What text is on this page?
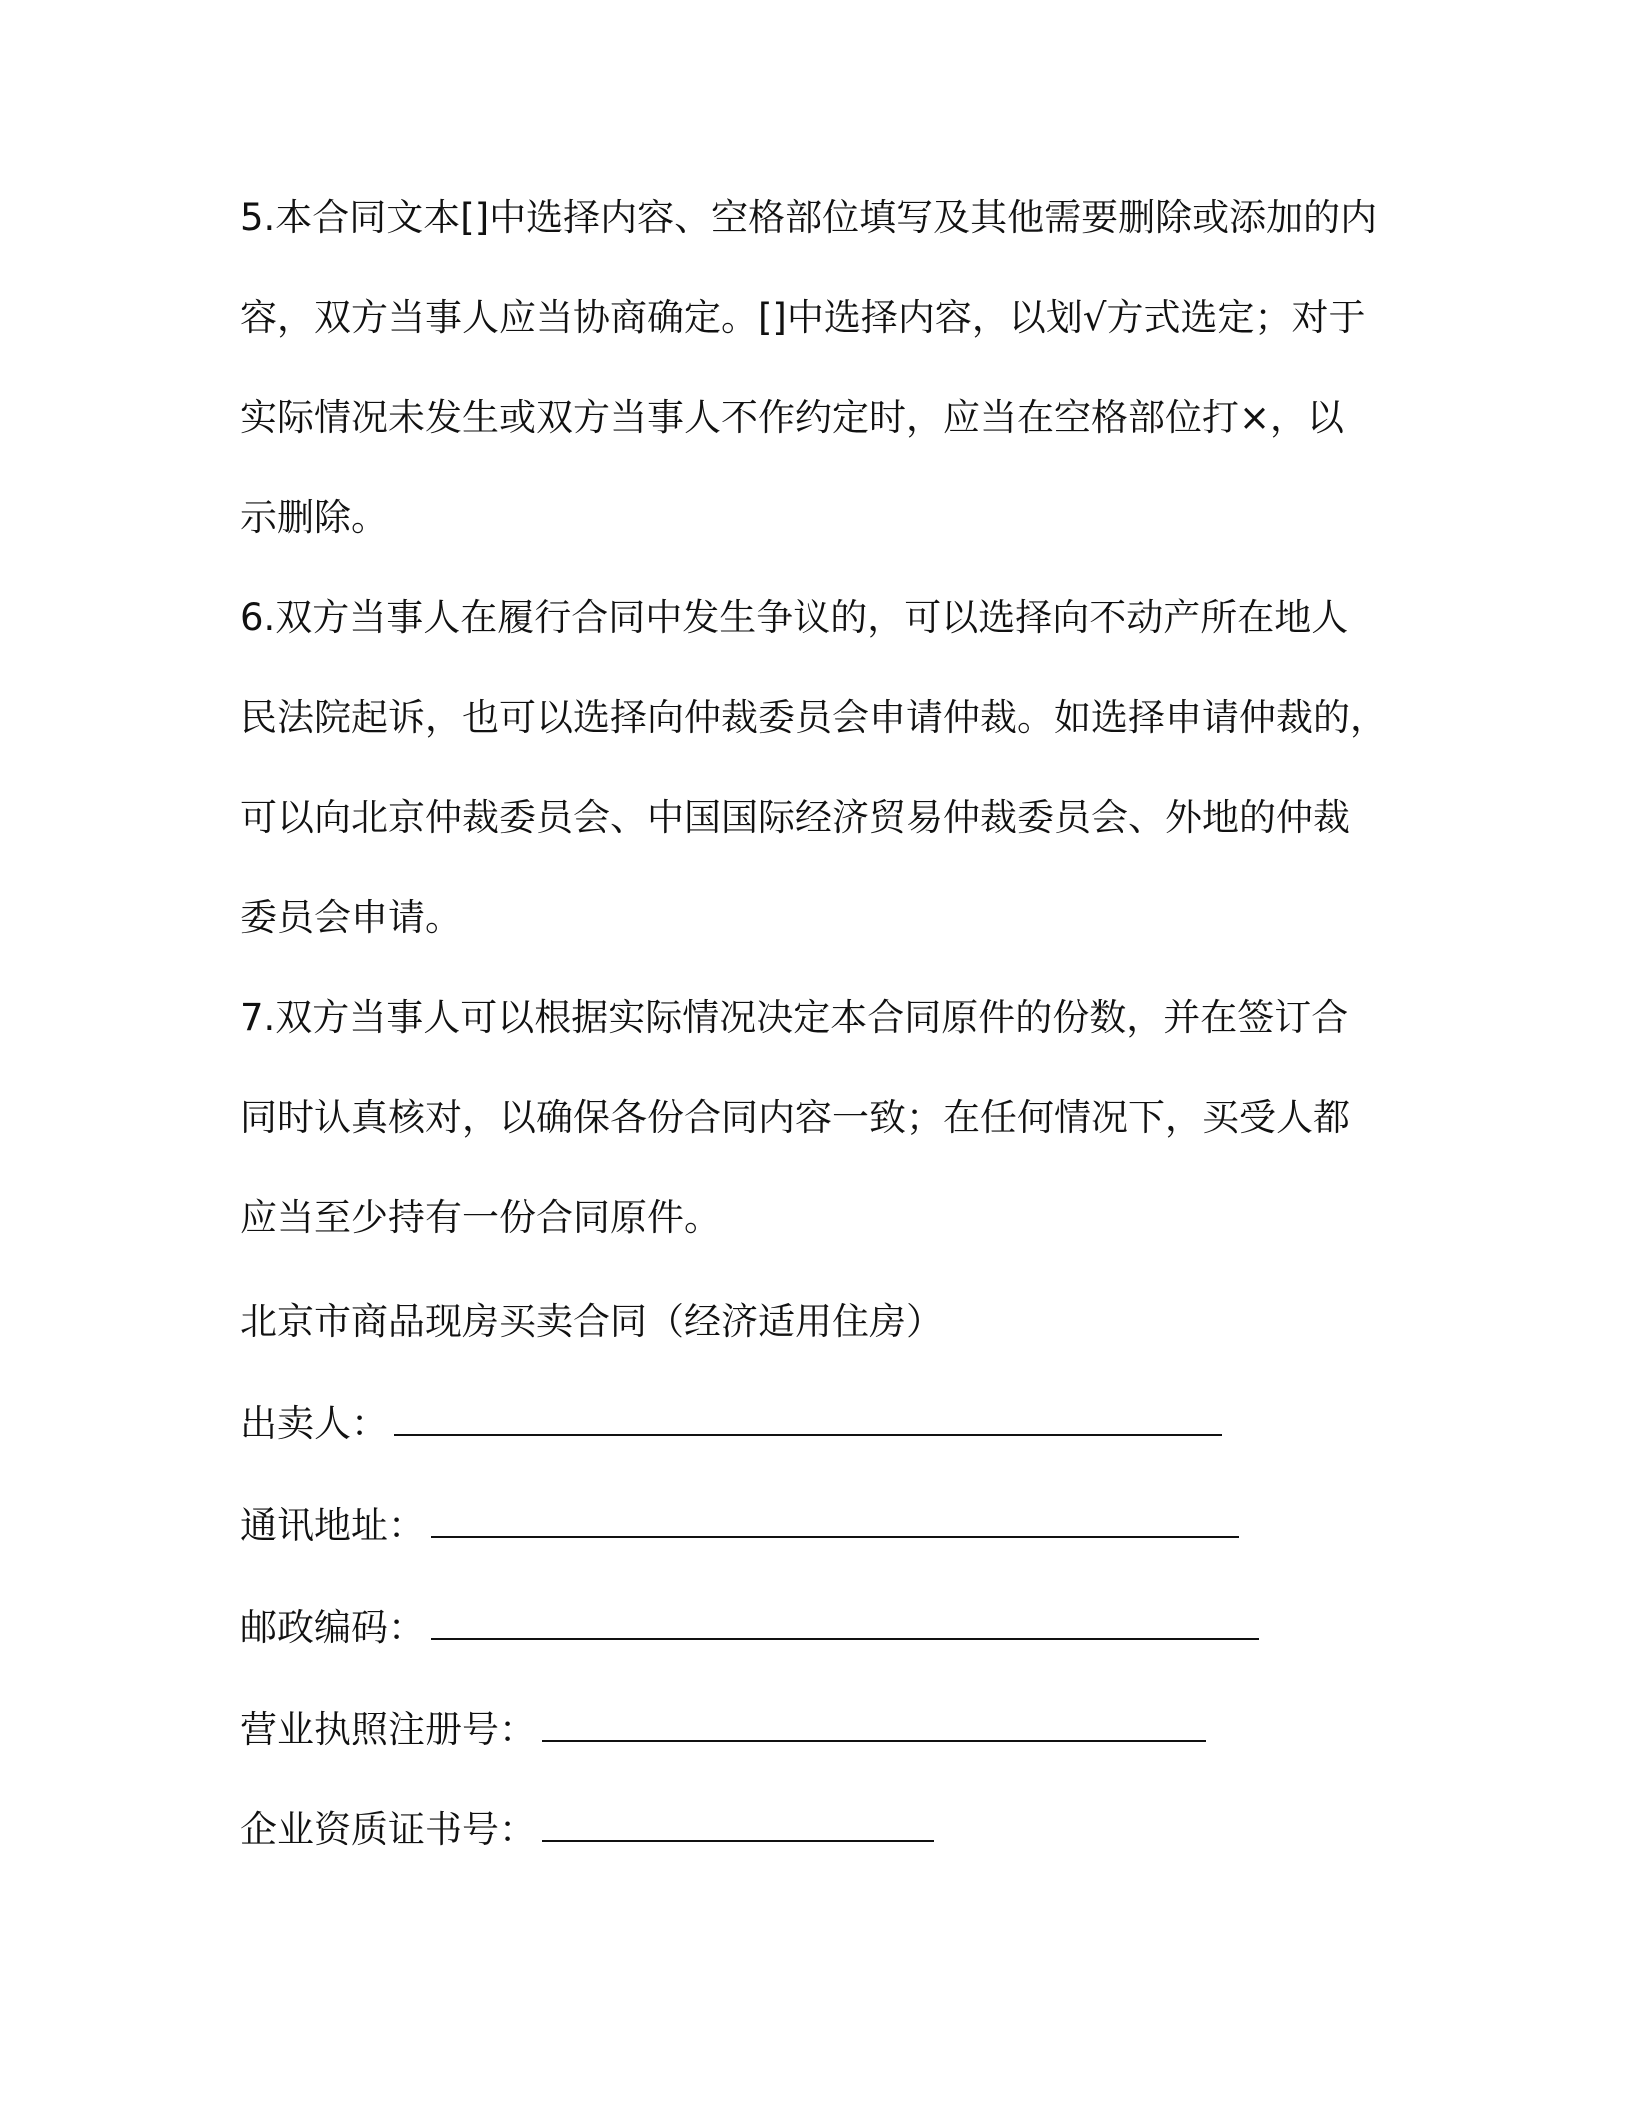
5.本合同文本[]中选择内容、空格部位填写及其他需要删除或添加的内
容，双方当事人应当协商确定。[]中选择内容，以划√方式选定；对于
实际情况未发生或双方当事人不作约定时，应当在空格部位打×，以
示删除。
6.双方当事人在履行合同中发生争议的，可以选择向不动产所在地人
民法院起诉，也可以选择向仲裁委员会申请仲裁。如选择申请仲裁的，
可以向北京仲裁委员会、中国国际经济贸易仲裁委员会、外地的仲裁
委员会申请。
7.双方当事人可以根据实际情况决定本合同原件的份数，并在签订合
同时认真核对，以确保各份合同内容一致；在任何情况下，买受人都
应当至少持有一份合同原件。
北京市商品现房买卖合同（经济适用住房）
出卖人：
通讯地址：
邮政编码：
营业执照注册号：
企业资质证书号：
